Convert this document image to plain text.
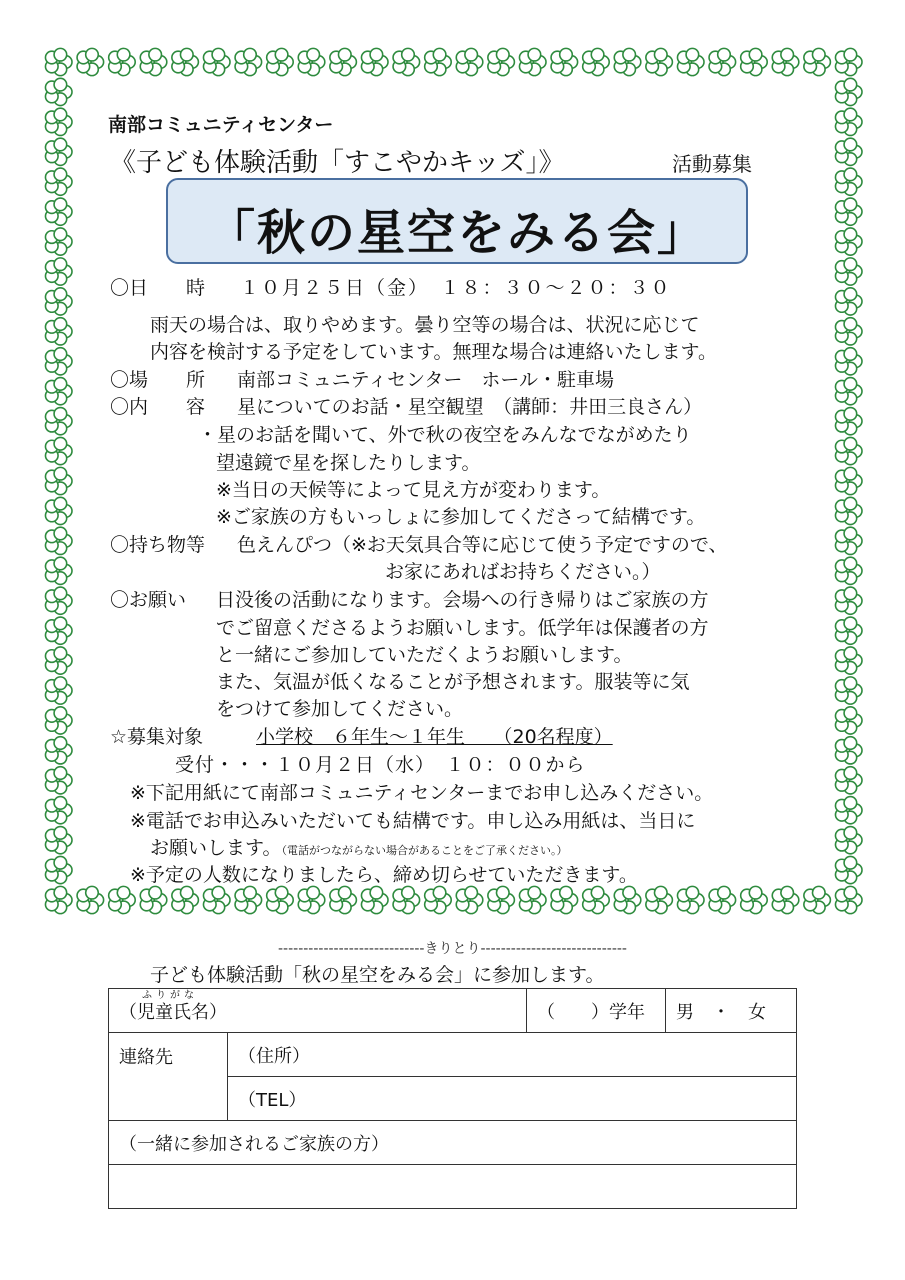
南部コミュニティセンター
《子ども体験活動「すこやかキッズ」》	活動募集
「秋の星空をみる会」
〇日　　時 １０月２５日（金）　１８：３０～２０：３０
雨天の場合は、取りやめます。曇り空等の場合は、状況に応じて
内容を検討する予定をしています。無理な場合は連絡いたします。
〇場　　所 南部コミュニティセンター　ホール・駐車場
〇内　　容 星についてのお話・星空観望　（講師：井田三良さん）
・星のお話を聞いて、外で秋の夜空をみんなでながめたり
望遠鏡で星を探したりします。
※当日の天候等によって見え方が変わります。
※ご家族の方もいっしょに参加してくださって結構です。
〇持ち物等 色えんぴつ（※お天気具合等に応じて使う予定ですので、
お家にあればお持ちください。）
〇お願い 日没後の活動になります。会場への行き帰りはご家族の方
でご留意くださるようお願いします。低学年は保護者の方
と一緒にご参加していただくようお願いします。
また、気温が低くなることが予想されます。服装等に気
をつけて参加してください。
☆募集対象	小学校　６年生～１年生　　（20名程度）
受付・・・１０月２日（水）　１０：００から
※下記用紙にて南部コミュニティセンターまでお申し込みください。
※電話でお申込みいただいても結構です。申し込み用紙は、当日に
お願いします。（電話がつながらない場合があることをご了承ください。）
※予定の人数になりましたら、締め切らせていただきます。
-----------------------------きりとり-----------------------------
子ども体験活動「秋の星空をみる会」に参加します。
ふりがな
（児童氏名）		（　　）学年	男　・　女
連絡先	（住所）		
	（TEL）		
（一緒に参加されるご家族の方）			
